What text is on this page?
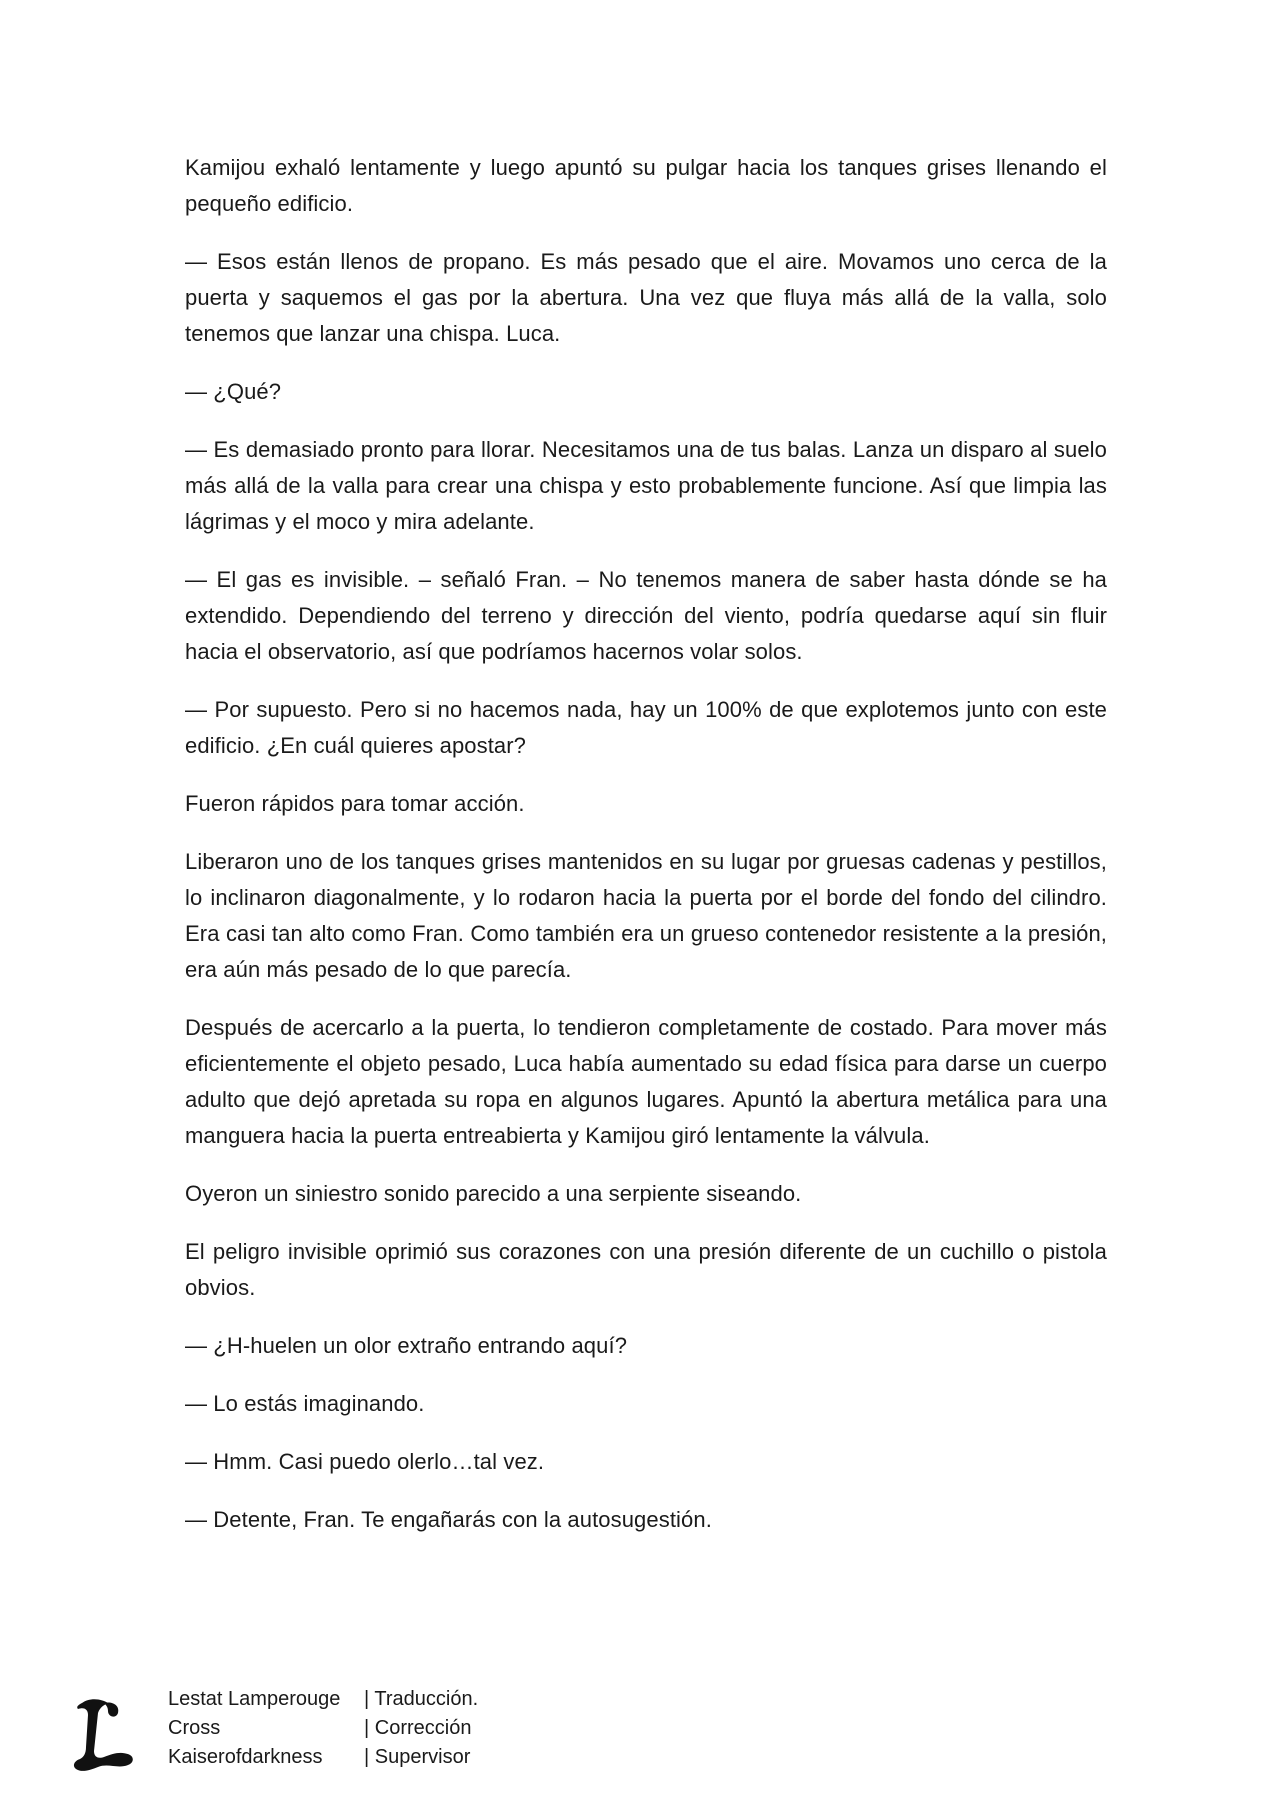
Kamijou exhaló lentamente y luego apuntó su pulgar hacia los tanques grises llenando el pequeño edificio.

— Esos están llenos de propano. Es más pesado que el aire. Movamos uno cerca de la puerta y saquemos el gas por la abertura. Una vez que fluya más allá de la valla, solo tenemos que lanzar una chispa. Luca.

— ¿Qué?

— Es demasiado pronto para llorar. Necesitamos una de tus balas. Lanza un disparo al suelo más allá de la valla para crear una chispa y esto probablemente funcione. Así que limpia las lágrimas y el moco y mira adelante.

— El gas es invisible. – señaló Fran. – No tenemos manera de saber hasta dónde se ha extendido. Dependiendo del terreno y dirección del viento, podría quedarse aquí sin fluir hacia el observatorio, así que podríamos hacernos volar solos.

— Por supuesto. Pero si no hacemos nada, hay un 100% de que explotemos junto con este edificio. ¿En cuál quieres apostar?

Fueron rápidos para tomar acción.

Liberaron uno de los tanques grises mantenidos en su lugar por gruesas cadenas y pestillos, lo inclinaron diagonalmente, y lo rodaron hacia la puerta por el borde del fondo del cilindro. Era casi tan alto como Fran. Como también era un grueso contenedor resistente a la presión, era aún más pesado de lo que parecía.

Después de acercarlo a la puerta, lo tendieron completamente de costado. Para mover más eficientemente el objeto pesado, Luca había aumentado su edad física para darse un cuerpo adulto que dejó apretada su ropa en algunos lugares. Apuntó la abertura metálica para una manguera hacia la puerta entreabierta y Kamijou giró lentamente la válvula.

Oyeron un siniestro sonido parecido a una serpiente siseando.

El peligro invisible oprimió sus corazones con una presión diferente de un cuchillo o pistola obvios.

— ¿H-huelen un olor extraño entrando aquí?

— Lo estás imaginando.

— Hmm. Casi puedo olerlo…tal vez.

— Detente, Fran. Te engañarás con la autosugestión.

Lestat Lamperouge	| Traducción.
Cross	| Corrección
Kaiserofdarkness	| Supervisor
